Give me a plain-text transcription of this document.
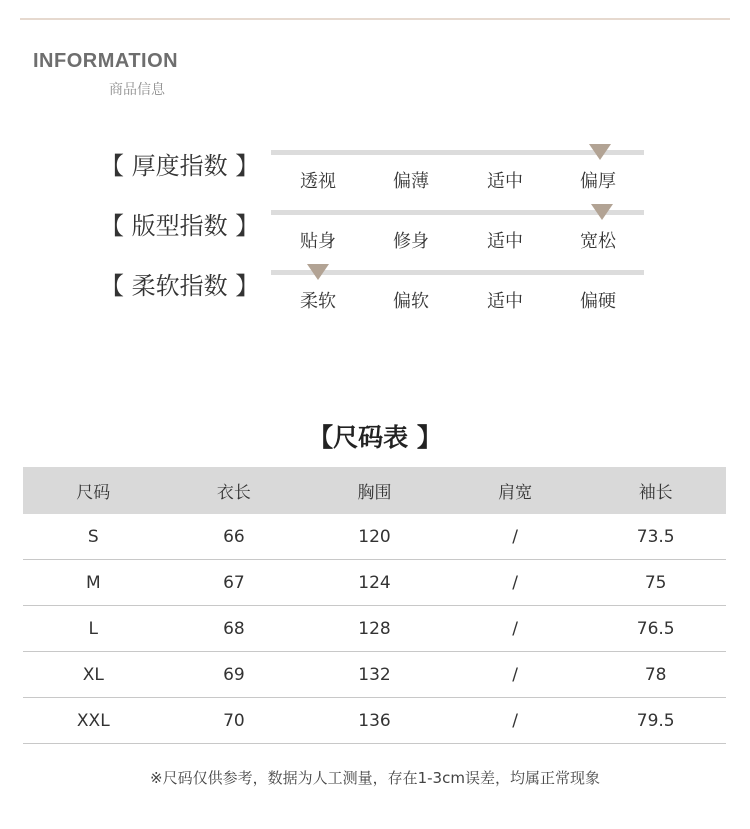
INFORMATION
商品信息
【 厚度指数 】
透视	偏薄	适中	偏厚
【 版型指数 】
贴身	修身	适中	宽松
【 柔软指数 】
柔软	偏软	适中	偏硬
【尺码表 】
尺码	衣长	胸围	肩宽	袖长
S	66	120	/	73.5
M	67	124	/	75
L	68	128	/	76.5
XL	69	132	/	78
XXL	70	136	/	79.5
※尺码仅供参考，数据为人工测量，存在1-3cm误差，均属正常现象
